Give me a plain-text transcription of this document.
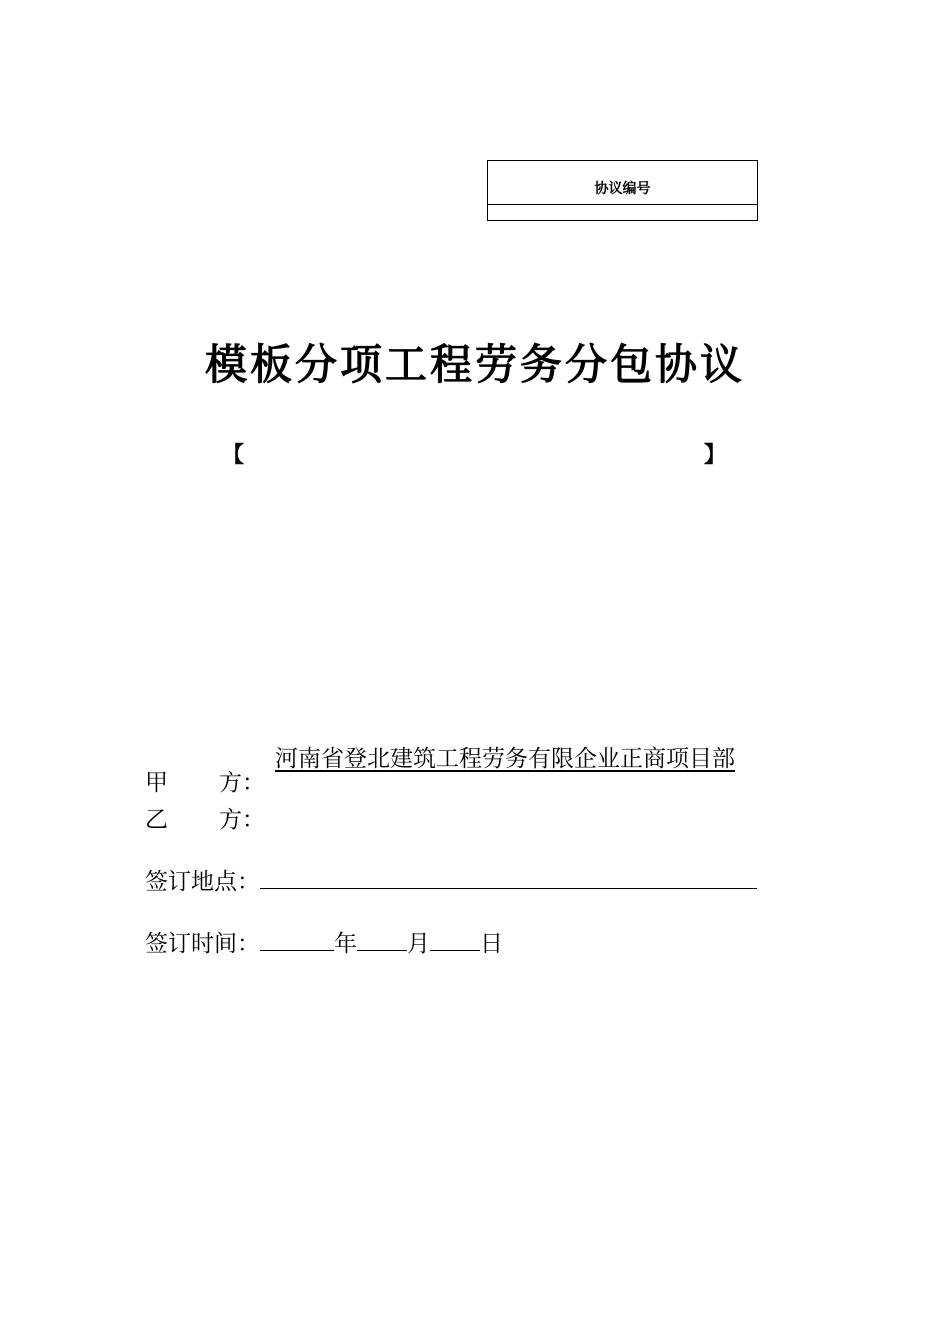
协议编号
模板分项工程劳务分包协议
【	】
甲 方：
河南省登北建筑工程劳务有限企业正商项目部
乙 方：
签订地点：
签订时间：	年 月 日
